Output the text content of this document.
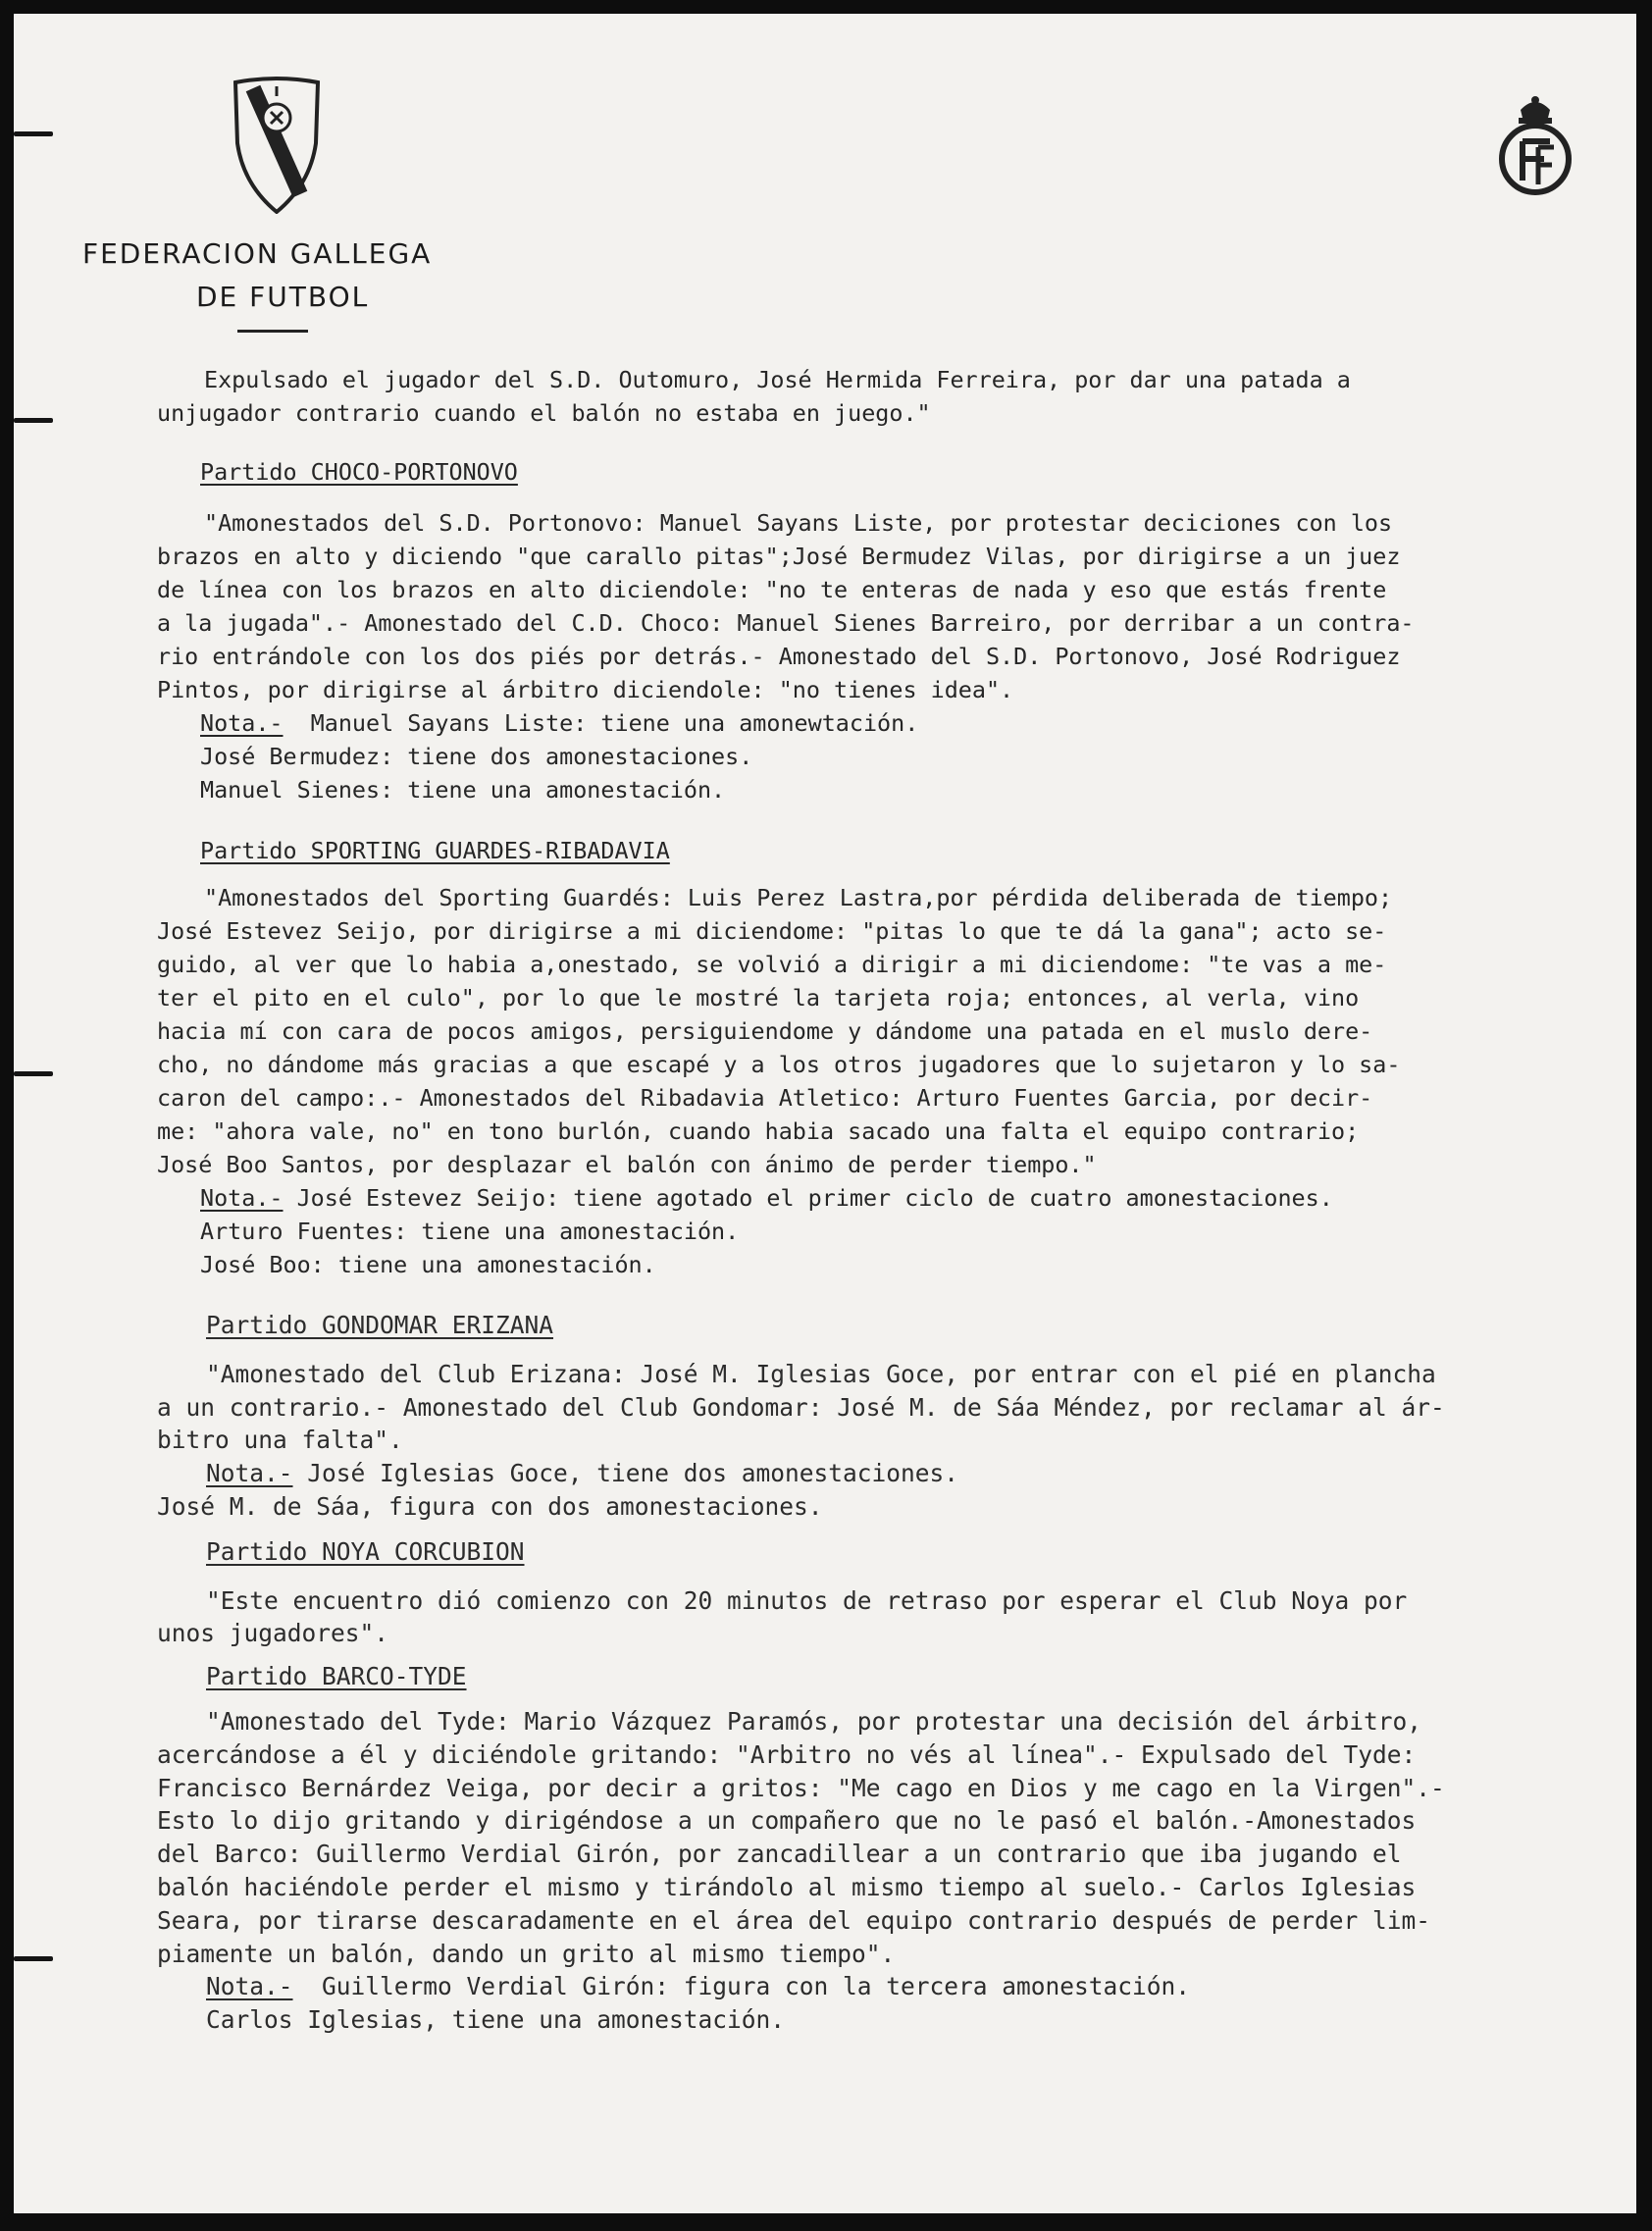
FEDERACION GALLEGA
DE FUTBOL
Expulsado el jugador del S.D. Outomuro, José Hermida Ferreira, por dar una patada a
unjugador contrario cuando el balón no estaba en juego."
Partido CHOCO-PORTONOVO
"Amonestados del S.D. Portonovo: Manuel Sayans Liste, por protestar deciciones con los
brazos en alto y diciendo "que carallo pitas";José Bermudez Vilas, por dirigirse a un juez
de línea con los brazos en alto diciendole: "no te enteras de nada y eso que estás frente
a la jugada".- Amonestado del C.D. Choco: Manuel Sienes Barreiro, por derribar a un contra-
rio entrándole con los dos piés por detrás.- Amonestado del S.D. Portonovo, José Rodriguez
Pintos, por dirigirse al árbitro diciendole: "no tienes idea".
Nota.- Manuel Sayans Liste: tiene una amonewtación.
José Bermudez: tiene dos amonestaciones.
Manuel Sienes: tiene una amonestación.
Partido SPORTING GUARDES-RIBADAVIA
"Amonestados del Sporting Guardés: Luis Perez Lastra,por pérdida deliberada de tiempo;
José Estevez Seijo, por dirigirse a mi diciendome: "pitas lo que te dá la gana"; acto se-
guido, al ver que lo habia a,onestado, se volvió a dirigir a mi diciendome: "te vas a me-
ter el pito en el culo", por lo que le mostré la tarjeta roja; entonces, al verla, vino
hacia mí con cara de pocos amigos, persiguiendome y dándome una patada en el muslo dere-
cho, no dándome más gracias a que escapé y a los otros jugadores que lo sujetaron y lo sa-
caron del campo:.- Amonestados del Ribadavia Atletico: Arturo Fuentes Garcia, por decir-
me: "ahora vale, no" en tono burlón, cuando habia sacado una falta el equipo contrario;
José Boo Santos, por desplazar el balón con ánimo de perder tiempo."
Nota.- José Estevez Seijo: tiene agotado el primer ciclo de cuatro amonestaciones.
Arturo Fuentes: tiene una amonestación.
José Boo: tiene una amonestación.
Partido GONDOMAR_ERIZANA
"Amonestado del Club Erizana: José M. Iglesias Goce, por entrar con el pié en plancha
a un contrario.- Amonestado del Club Gondomar: José M. de Sáa Méndez, por reclamar al ár-
bitro una falta".
Nota.- José Iglesias Goce, tiene dos amonestaciones.
José M. de Sáa, figura con dos amonestaciones.
Partido NOYA_CORCUBION
"Este encuentro dió comienzo con 20 minutos de retraso por esperar el Club Noya por
unos jugadores".
Partido BARCO-TYDE
"Amonestado del Tyde: Mario Vázquez Paramós, por protestar una decisión del árbitro,
acercándose a él y diciéndole gritando: "Arbitro no vés al línea".- Expulsado del Tyde:
Francisco Bernárdez Veiga, por decir a gritos: "Me cago en Dios y me cago en la Virgen".-
Esto lo dijo gritando y dirigéndose a un compañero que no le pasó el balón.-Amonestados
del Barco: Guillermo Verdial Girón, por zancadillear a un contrario que iba jugando el
balón haciéndole perder el mismo y tirándolo al mismo tiempo al suelo.- Carlos Iglesias
Seara, por tirarse descaradamente en el área del equipo contrario después de perder lim-
piamente un balón, dando un grito al mismo tiempo".
Nota.- Guillermo Verdial Girón: figura con la tercera amonestación.
Carlos Iglesias, tiene una amonestación.
